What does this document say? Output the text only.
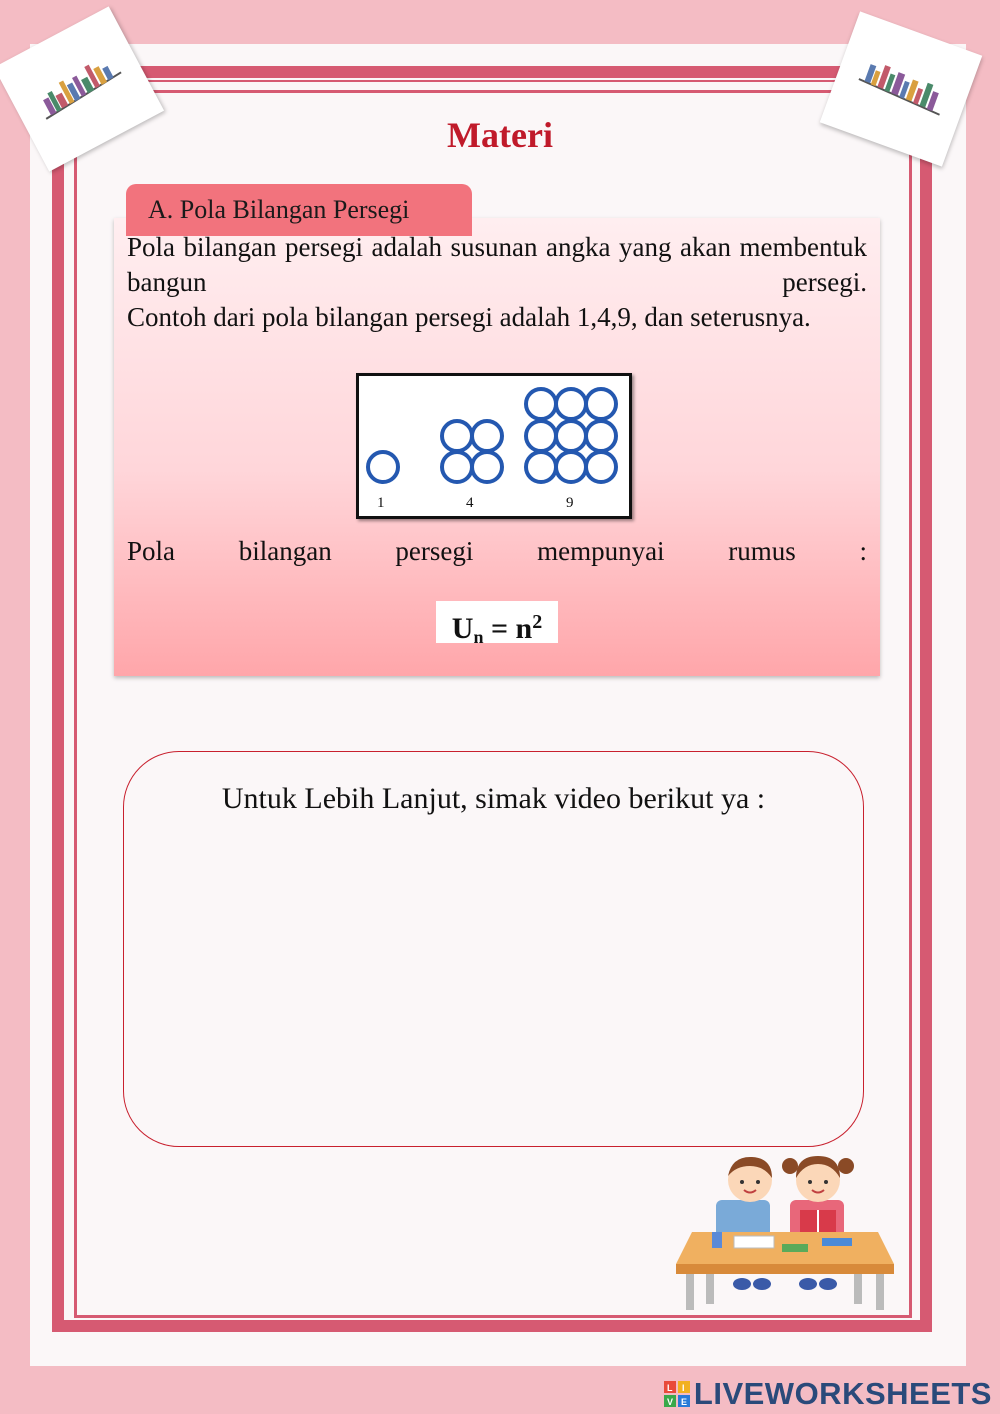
Materi
A. Pola Bilangan Persegi
Pola bilangan persegi adalah susunan angka yang akan membentuk bangun persegi.
Contoh dari pola bilangan persegi adalah 1,4,9, dan seterusnya.
1	4	9
Pola bilangan persegi mempunyai rumus :
$U_n = n^2$
Untuk Lebih Lanjut, simak video berikut ya :
L I
V E LIVEWORKSHEETS
